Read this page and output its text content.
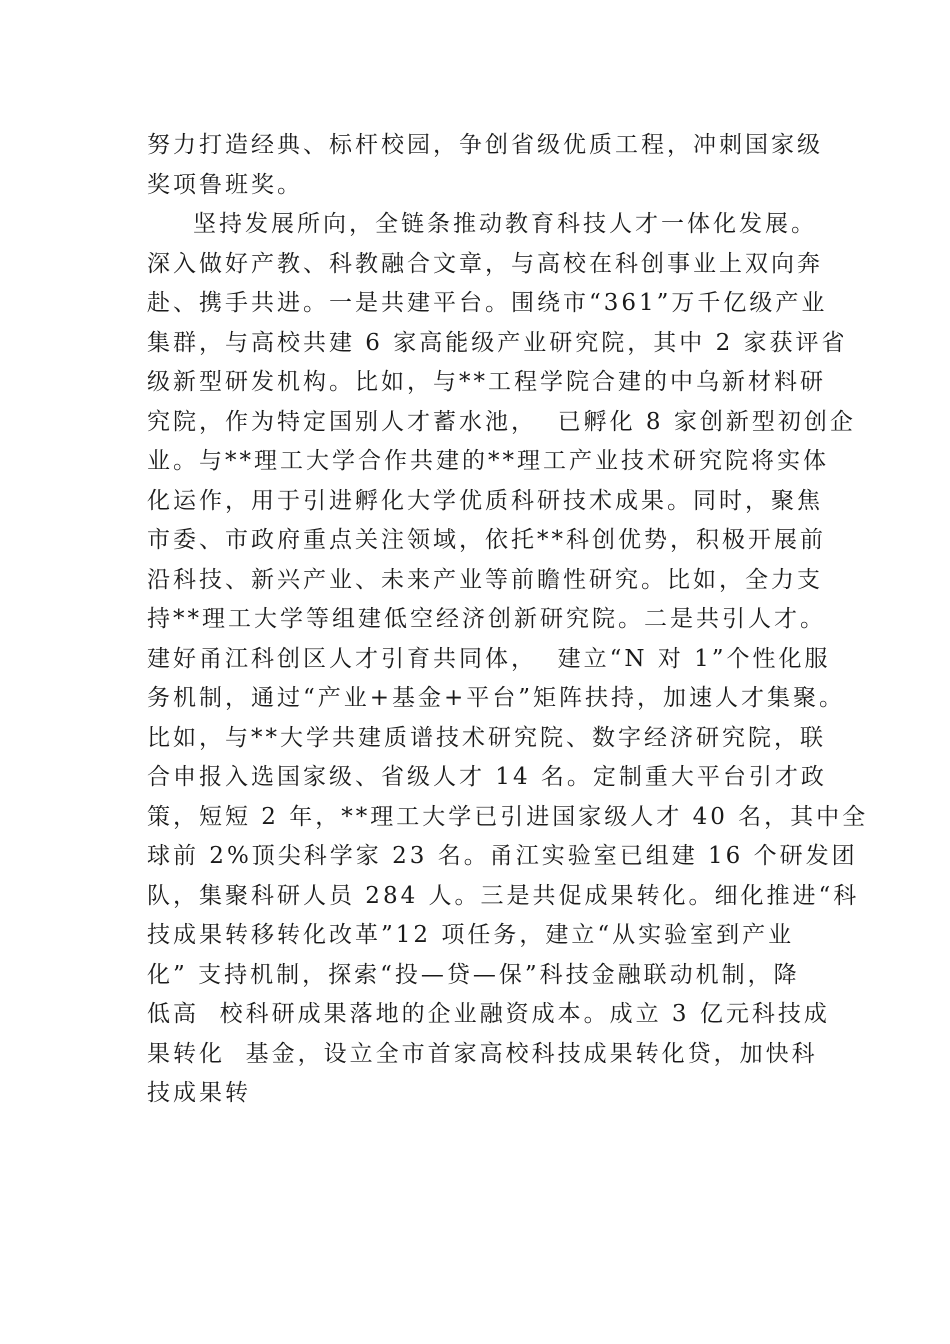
努力打造经典、标杆校园，争创省级优质工程，冲刺国家级
奖项鲁班奖。
坚持发展所向，全链条推动教育科技人才一体化发展。
深入做好产教、科教融合文章，与高校在科创事业上双向奔
赴、携手共进。一是共建平台。围绕市“361”万千亿级产业
集群，与高校共建 6 家高能级产业研究院，其中 2 家获评省
级新型研发机构。比如，与**工程学院合建的中乌新材料研
究院，作为特定国别人才蓄水池，  已孵化 8 家创新型初创企
业。与**理工大学合作共建的**理工产业技术研究院将实体
化运作，用于引进孵化大学优质科研技术成果。同时，聚焦
市委、市政府重点关注领域，依托**科创优势，积极开展前
沿科技、新兴产业、未来产业等前瞻性研究。比如，全力支
持**理工大学等组建低空经济创新研究院。二是共引人才。
建好甬江科创区人才引育共同体，  建立“N 对 1”个性化服
务机制，通过“产业+基金+平台”矩阵扶持，加速人才集聚。
比如，与**大学共建质谱技术研究院、数字经济研究院，联
合申报入选国家级、省级人才 14 名。定制重大平台引才政
策，短短 2 年，**理工大学已引进国家级人才 40 名，其中全
球前 2%顶尖科学家 23 名。甬江实验室已组建 16 个研发团
队，集聚科研人员 284 人。三是共促成果转化。细化推进“科
技成果转移转化改革”12 项任务，建立“从实验室到产业
化” 支持机制，探索“投—贷—保”科技金融联动机制，降
低高  校科研成果落地的企业融资成本。成立 3 亿元科技成
果转化  基金，设立全市首家高校科技成果转化贷，加快科
技成果转
